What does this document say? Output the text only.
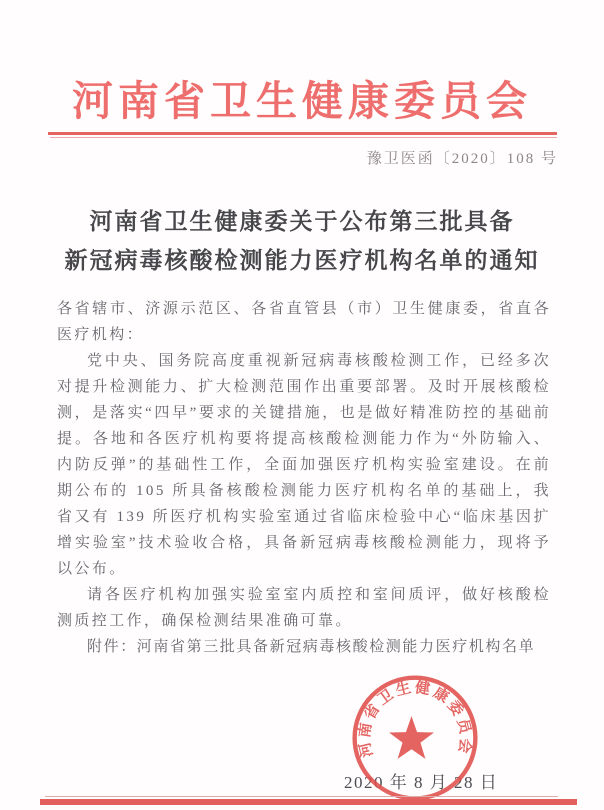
河南省卫生健康委员会
豫卫医函〔2020〕108 号
河南省卫生健康委关于公布第三批具备
新冠病毒核酸检测能力医疗机构名单的通知

各省辖市、济源示范区、各省直管县（市）卫生健康委，省直各医疗机构：

党中央、国务院高度重视新冠病毒核酸检测工作，已经多次对提升检测能力、扩大检测范围作出重要部署。及时开展核酸检测，是落实“四早”要求的关键措施，也是做好精准防控的基础前提。各地和各医疗机构要将提高核酸检测能力作为“外防输入、内防反弹”的基础性工作，全面加强医疗机构实验室建设。在前期公布的 105 所具备核酸检测能力医疗机构名单的基础上，我省又有 139 所医疗机构实验室通过省临床检验中心“临床基因扩增实验室”技术验收合格，具备新冠病毒核酸检测能力，现将予以公布。

请各医疗机构加强实验室室内质控和室间质评，做好核酸检测质控工作，确保检测结果准确可靠。

附件：河南省第三批具备新冠病毒核酸检测能力医疗机构名单

2020 年 8 月 28 日
河南省卫生健康委员会
